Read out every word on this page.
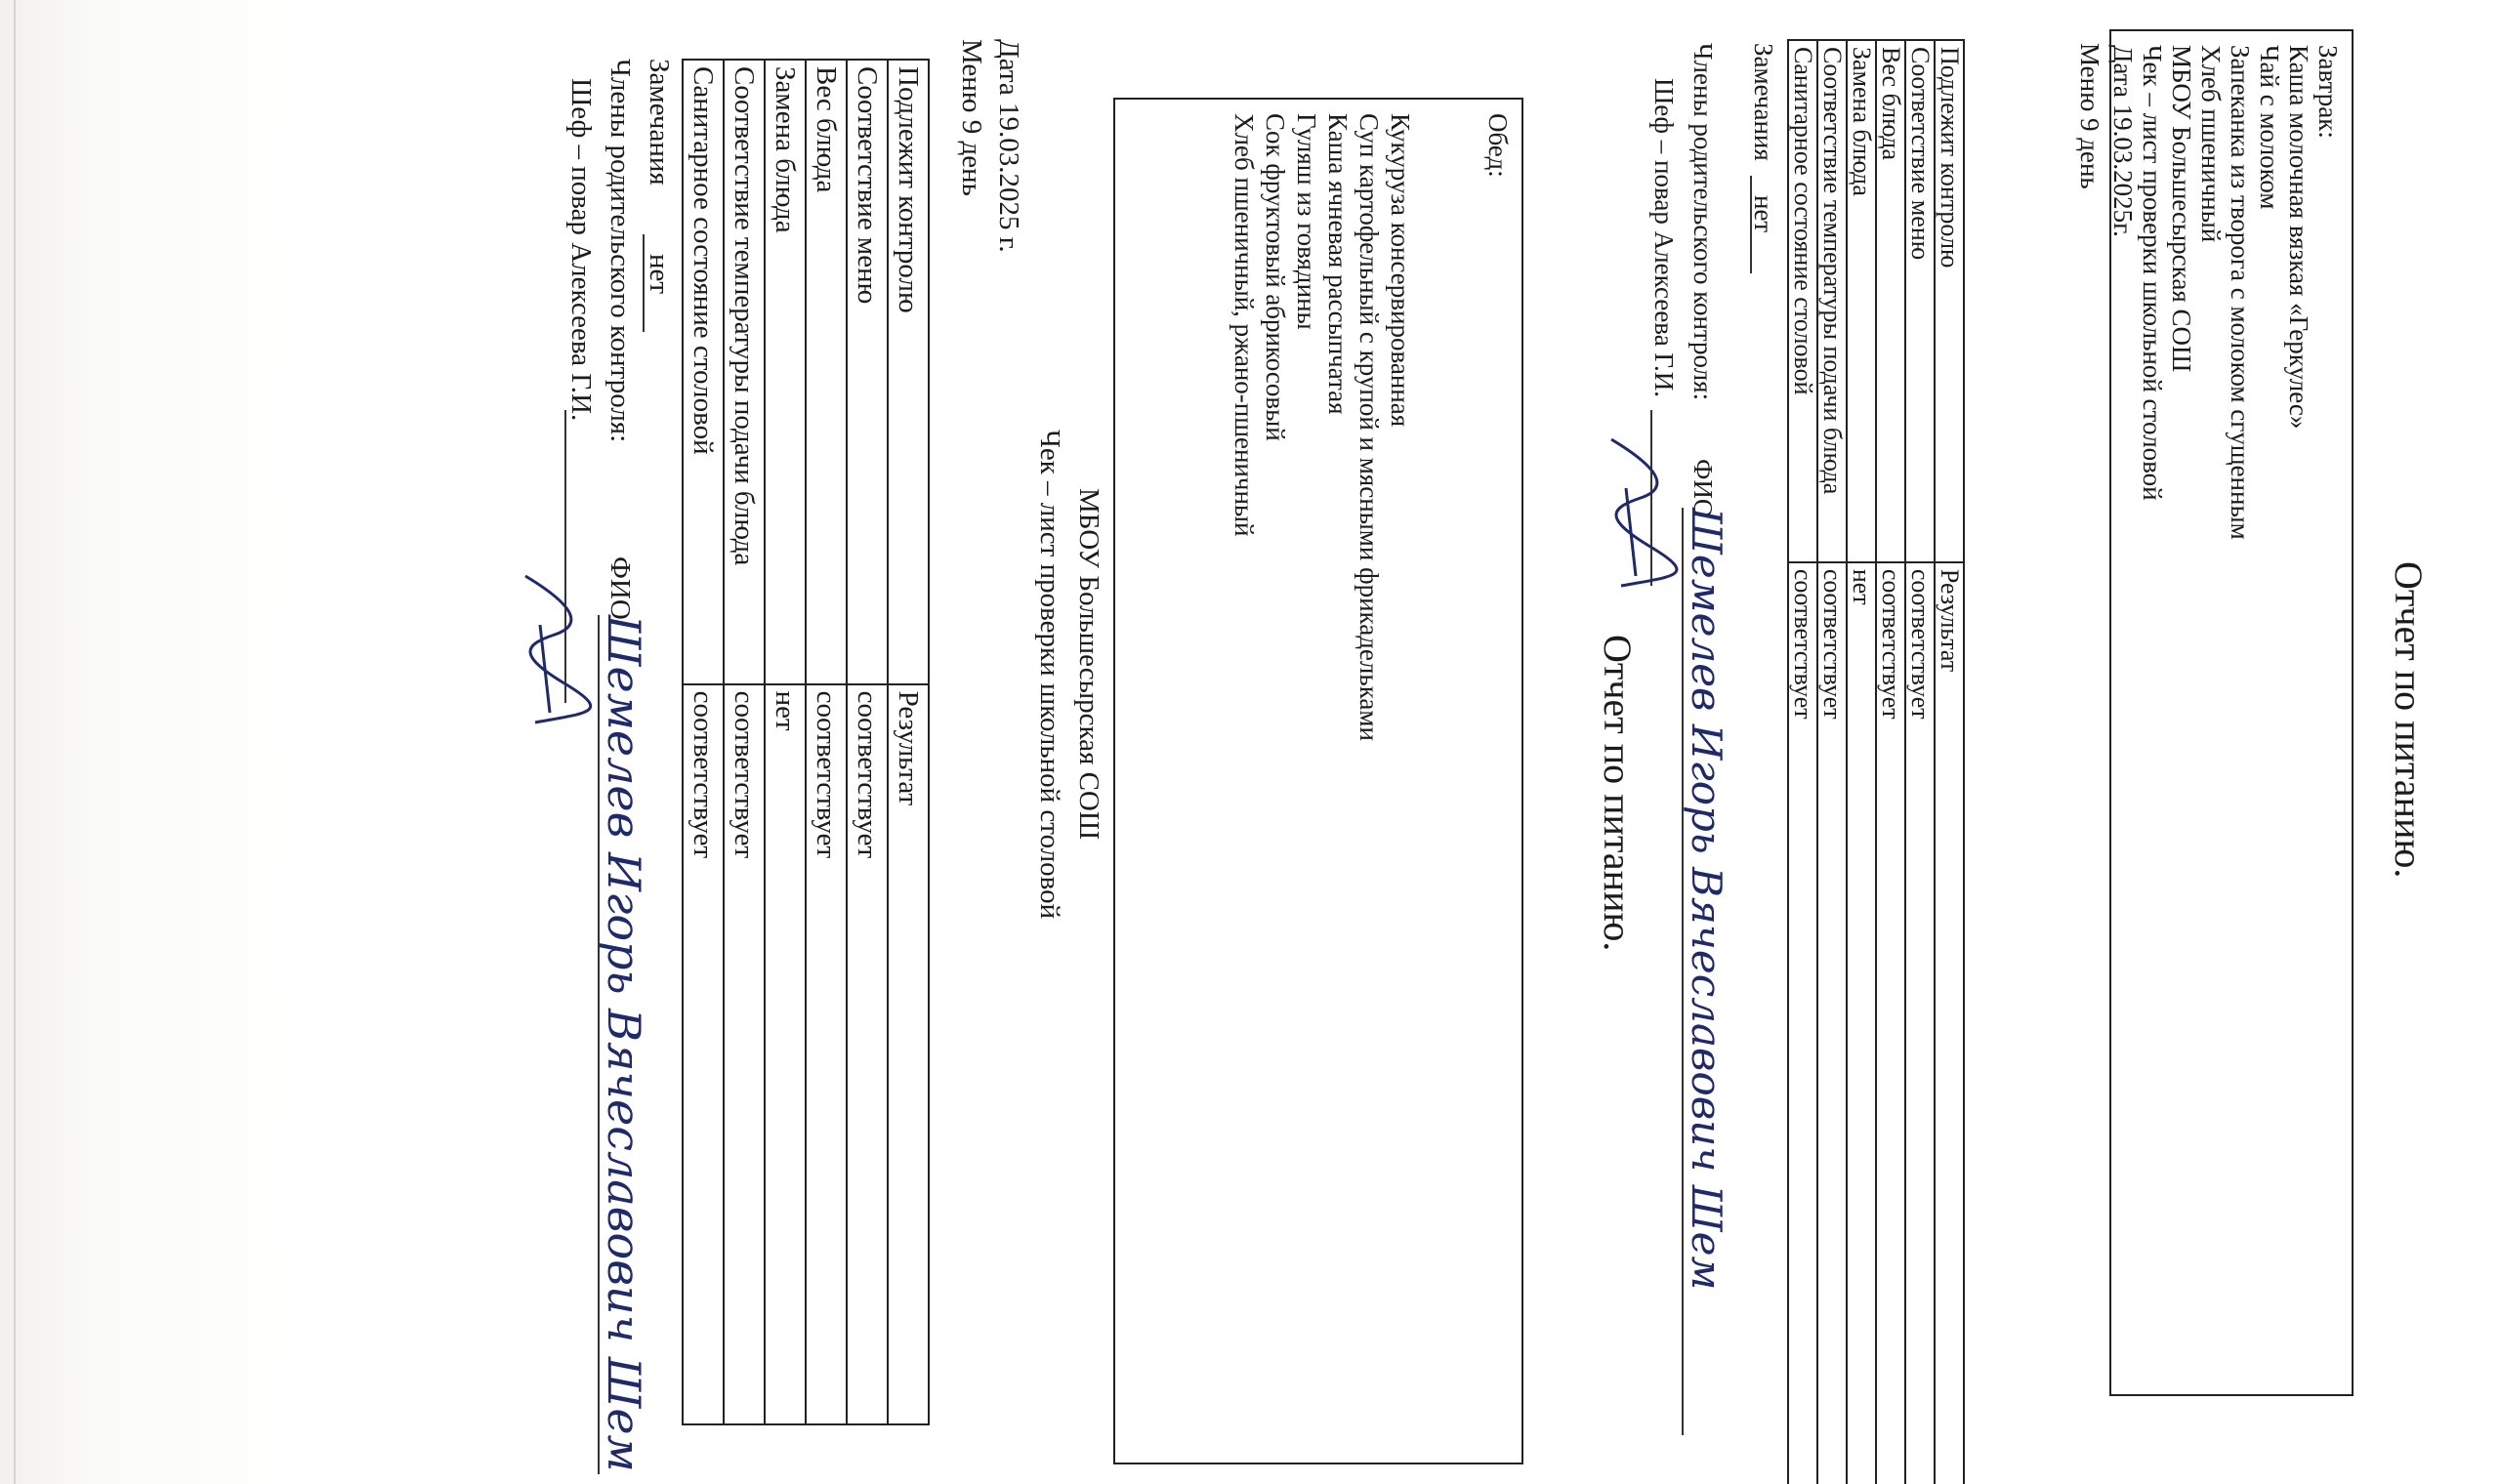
Отчет по питанию.
Завтрак:
Каша молочная вязкая «Геркулес»
Чай с молоком
Запеканка из творога с молоком сгущенным
Хлеб пшеничный
МБОУ Большесырская СОШ
Чек – лист проверки школьной столовой
Дата 19.03.2025г.
Меню 9 день
Подлежит контролю	Результат
Соответствие меню	соответствует
Вес блюда	соответствует
Замена блюда	нет
Соответствие температуры подачи блюда	соответствует
Санитарное состояние столовой	соответствует
Замечания
нет
Члены родительского контроля:
ФИО
Шемелев Игорь Вячеславович Шем
Шеф – повар Алексеева Г.И.
Отчет по питанию.
Обед:
Кукуруза консервированная
Суп картофельный с крупой и мясными фрикадельками
Каша ячневая рассыпчатая
Гуляш из говядины
Сок фруктовый абрикосовый
Хлеб пшеничный, ржано-пшеничный
МБОУ Большесырская СОШ
Чек – лист проверки школьной столовой
Дата 19.03.2025 г.
Меню 9 день
Подлежит контролю	Результат
Соответствие меню	соответствует
Вес блюда	соответствует
Замена блюда	нет
Соответствие температуры подачи блюда	соответствует
Санитарное состояние столовой	соответствует
Замечания
нет
Члены родительского контроля:
ФИО
Шемелев Игорь Вячеславович Шем
Шеф – повар Алексеева Г.И.
